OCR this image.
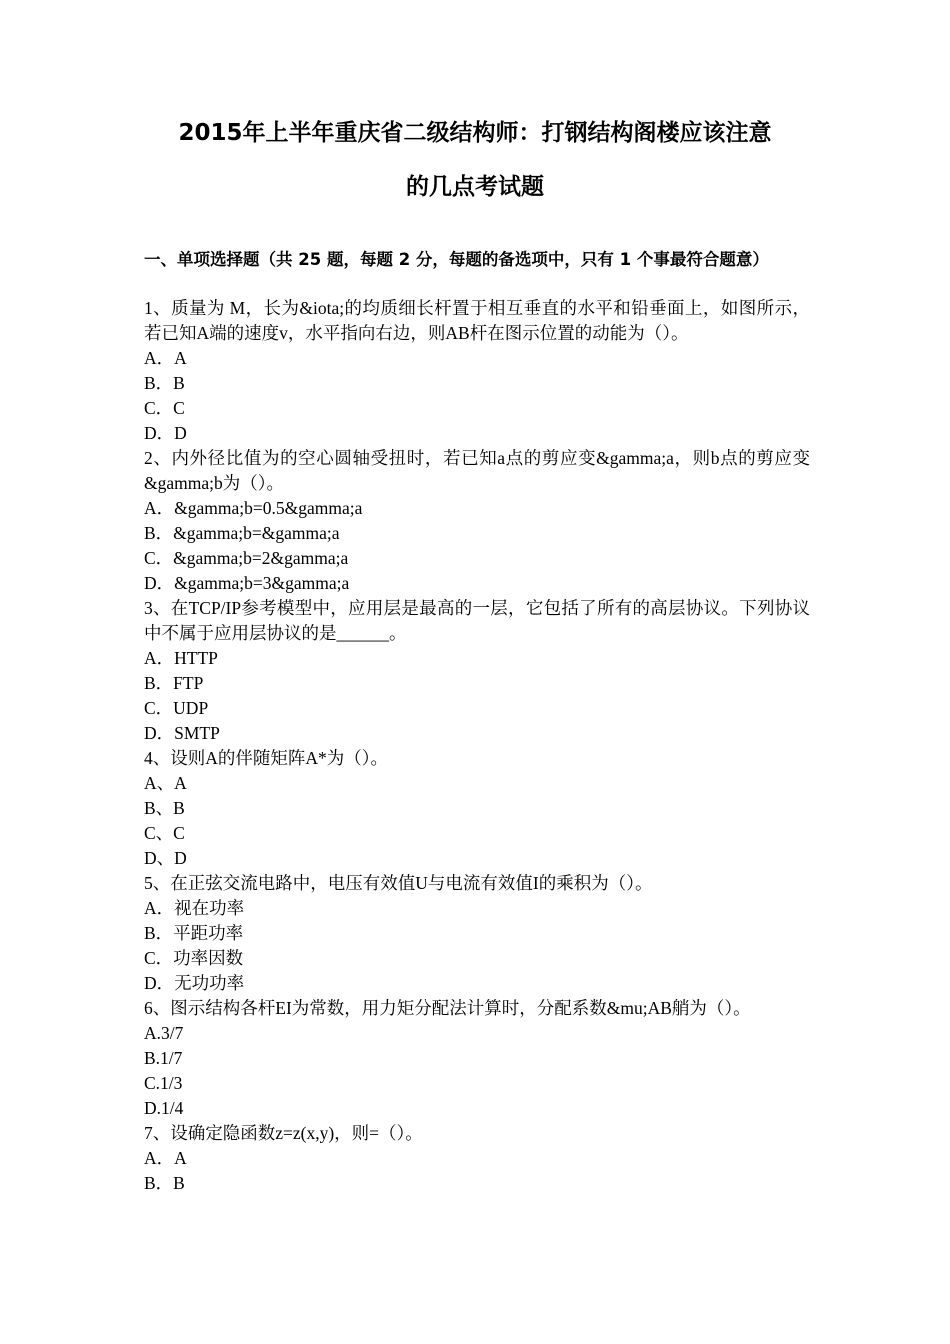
2015年上半年重庆省二级结构师：打钢结构阁楼应该注意
的几点考试题

一、单项选择题（共 25 题，每题 2 分，每题的备选项中，只有 1 个事最符合题意）

1、质量为 M，长为&iota;的均质细长杆置于相互垂直的水平和铅垂面上，如图所示，若已知A端的速度v，水平指向右边，则AB杆在图示位置的动能为（）。

A．A

B．B

C．C

D．D

2、内外径比值为的空心圆轴受扭时，若已知a点的剪应变&gamma;a，则b点的剪应变&gamma;b为（）。

A．&gamma;b=0.5&gamma;a

B．&gamma;b=&gamma;a

C．&gamma;b=2&gamma;a

D．&gamma;b=3&gamma;a

3、在TCP/IP参考模型中，应用层是最高的一层，它包括了所有的高层协议。下列协议中不属于应用层协议的是______。

A．HTTP

B．FTP

C．UDP

D．SMTP

4、设则A的伴随矩阵A*为（）。

A、A

B、B

C、C

D、D

5、在正弦交流电路中，电压有效值U与电流有效值I的乘积为（）。

A．视在功率

B．平距功率

C．功率因数

D．无功功率

6、图示结构各杆EI为常数，用力矩分配法计算时，分配系数&mu;AB艄为（）。

A.3/7

B.1/7

C.1/3

D.1/4

7、设确定隐函数z=z(x,y)，则=（）。

A．A

B．B
